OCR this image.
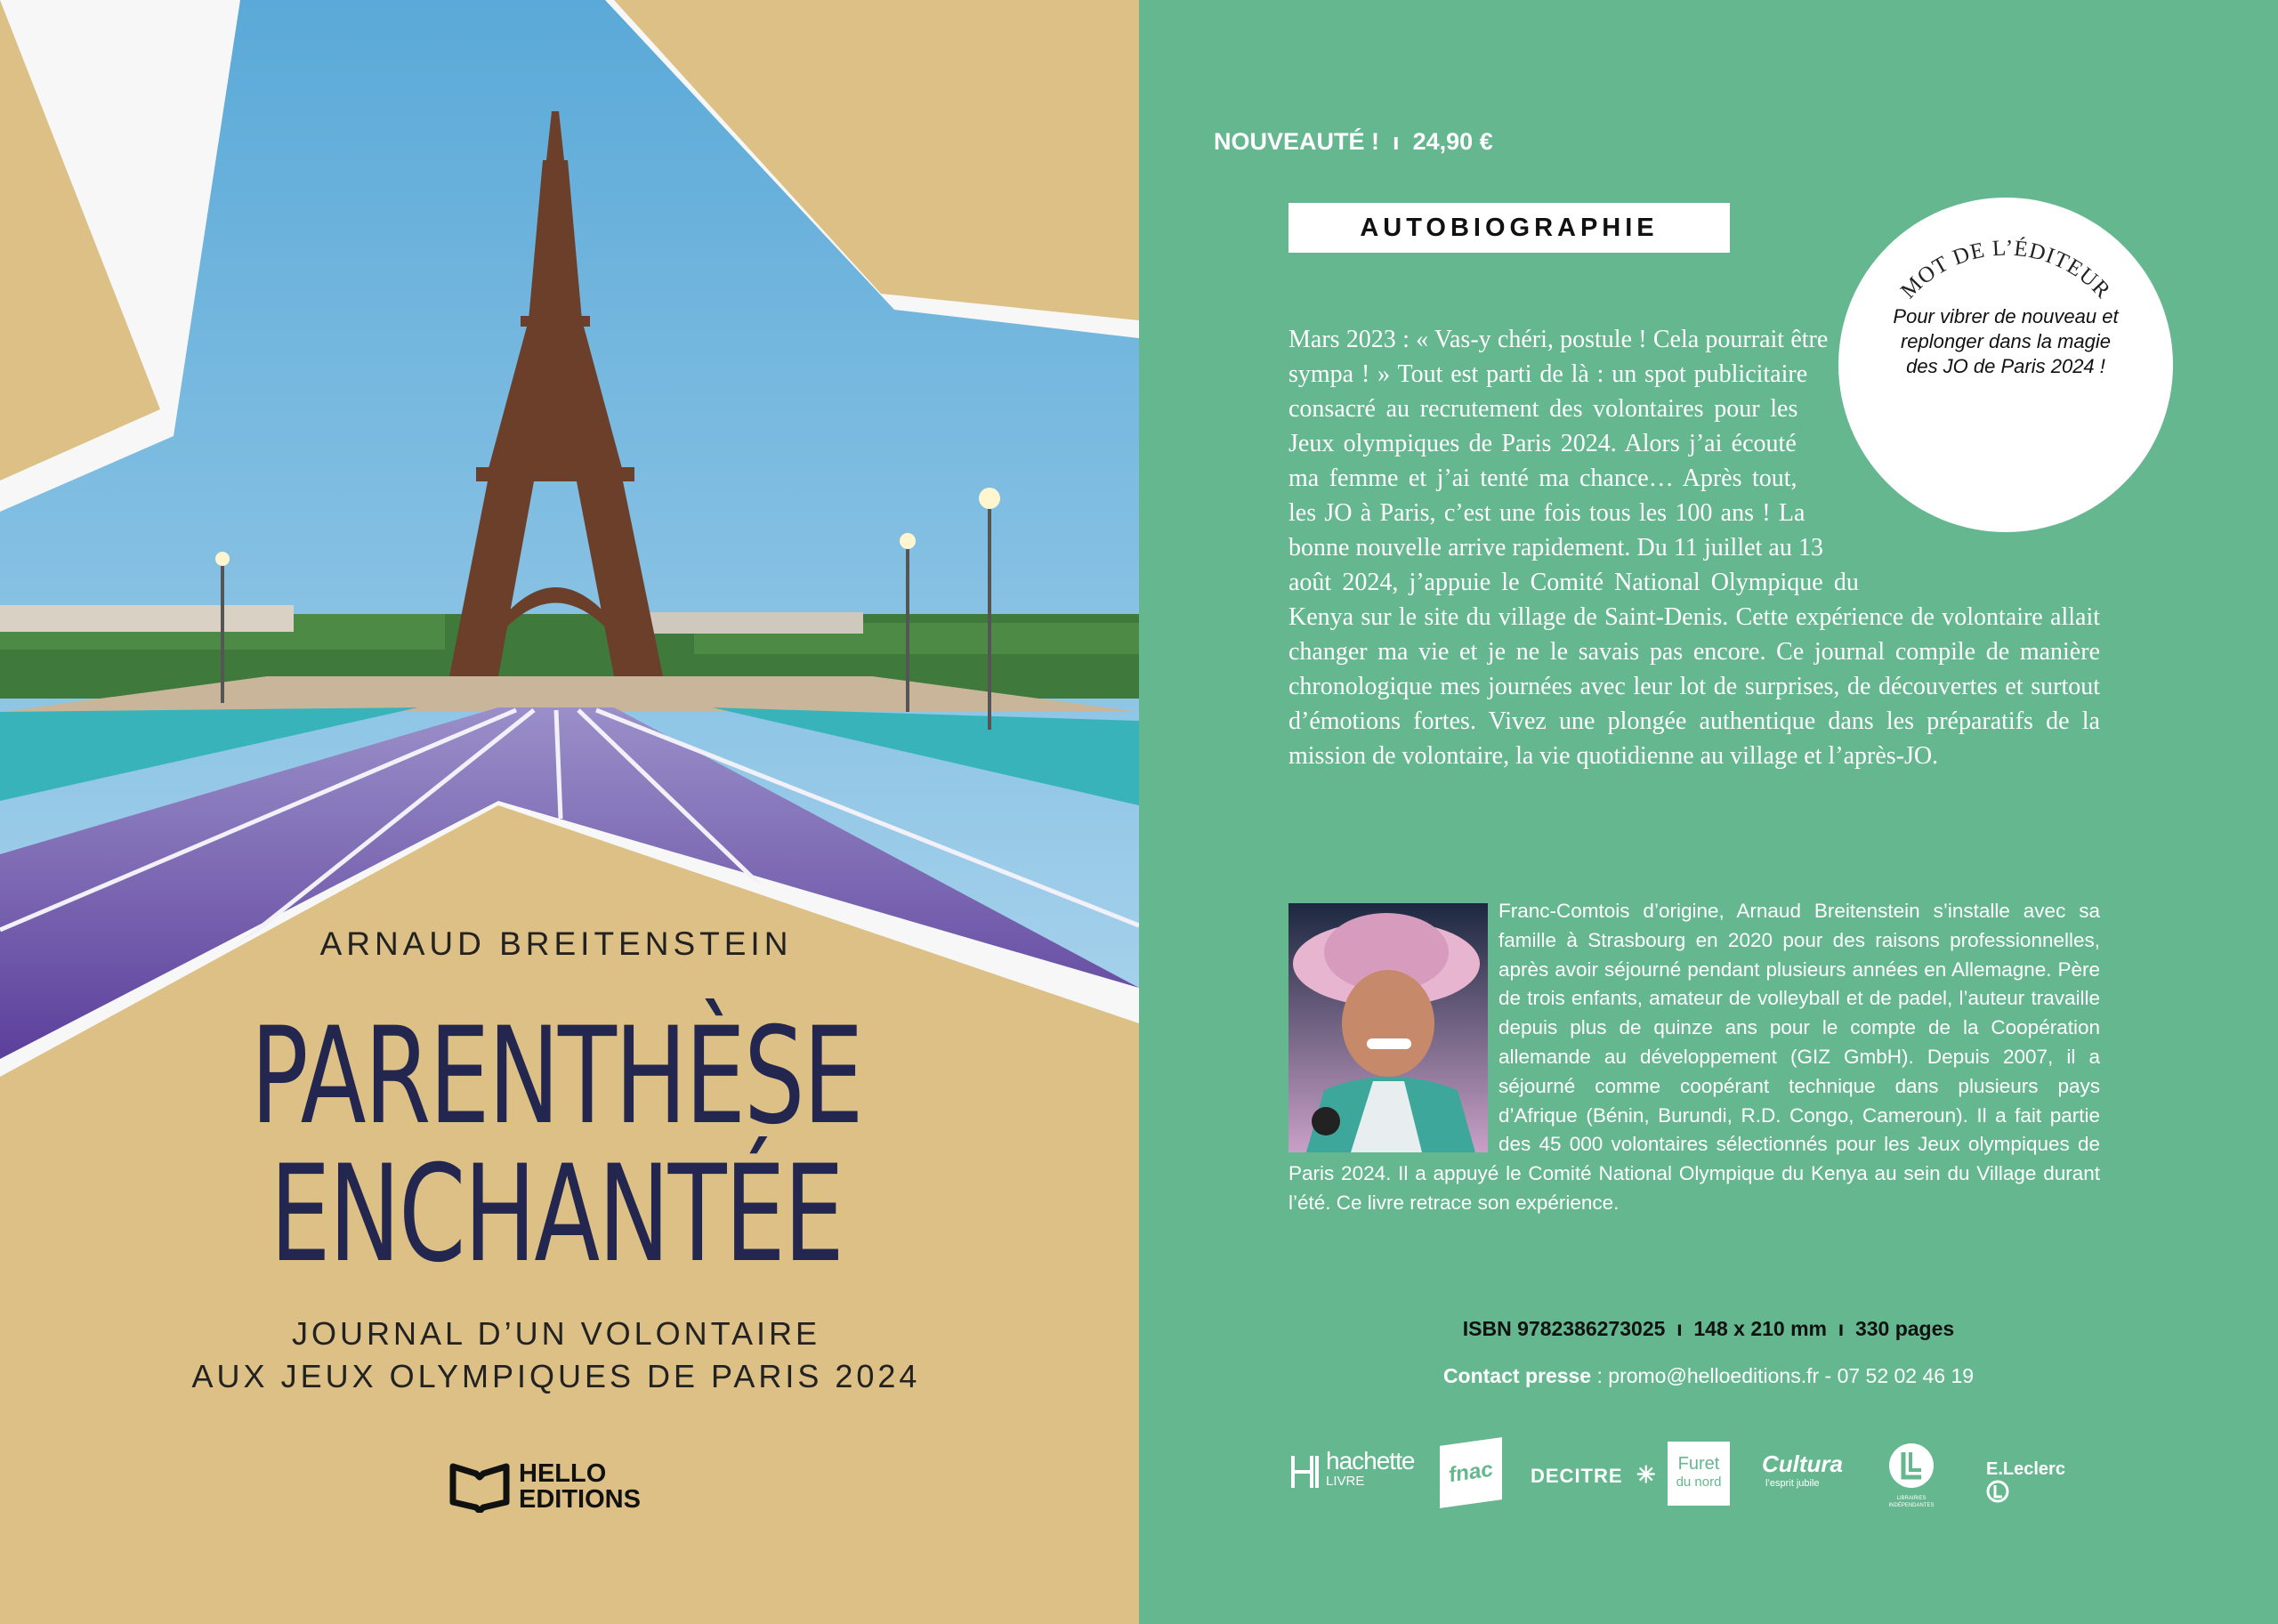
ARNAUD BREITENSTEIN
PARENTHÈSE
ENCHANTÉE
JOURNAL D’UN VOLONTAIRE
AUX JEUX OLYMPIQUES DE PARIS 2024
HELLO
EDITIONS
NOUVEAUTÉ !  ı  24,90 €
AUTOBIOGRAPHIE
MOT DE L’ÉDITEUR
Pour vibrer de nouveau et replonger dans la magie des JO de Paris 2024 !
Mars 2023 : « Vas-y chéri, postule ! Cela pourrait être sympa ! » Tout est parti de là : un spot publicitaire consacré au recrutement des volontaires pour les Jeux olympiques de Paris 2024. Alors j’ai écouté ma femme et j’ai tenté ma chance… Après tout, les JO à Paris, c’est une fois tous les 100 ans ! La bonne nouvelle arrive rapidement. Du 11 juillet au 13 août 2024, j’appuie le Comité National Olympique du Kenya sur le site du village de Saint-Denis. Cette expérience de volontaire allait changer ma vie et je ne le savais pas encore. Ce journal compile de manière chronologique mes journées avec leur lot de surprises, de découvertes et surtout d’émotions fortes. Vivez une plongée authentique dans les préparatifs de la mission de volontaire, la vie quotidienne au village et l’après-JO.
Franc-Comtois d’origine, Arnaud Breitenstein s’installe avec sa famille à Strasbourg en 2020 pour des raisons professionnelles, après avoir séjourné pendant plusieurs années en Allemagne. Père de trois enfants, amateur de volleyball et de padel, l’auteur travaille depuis plus de quinze ans pour le compte de la Coopération allemande au développement (GIZ GmbH). Depuis 2007, il a séjourné comme coopérant technique dans plusieurs pays d’Afrique (Bénin, Burundi, R.D. Congo, Cameroun). Il a fait partie des 45 000 volontaires sélectionnés pour les Jeux olympiques de Paris 2024. Il a appuyé le Comité National Olympique du Kenya au sein du Village durant l’été. Ce livre retrace son expérience.
ISBN 9782386273025  ı  148 x 210 mm  ı  330 pages
Contact presse : promo@helloeditions.fr - 07 52 02 46 19
hachette
LIVRE	fnac DECITRE  ✳	Furet
du nord
Cultura
l’esprit jubile
LIBRAIRIES INDÉPENDANTES
E.Leclerc
